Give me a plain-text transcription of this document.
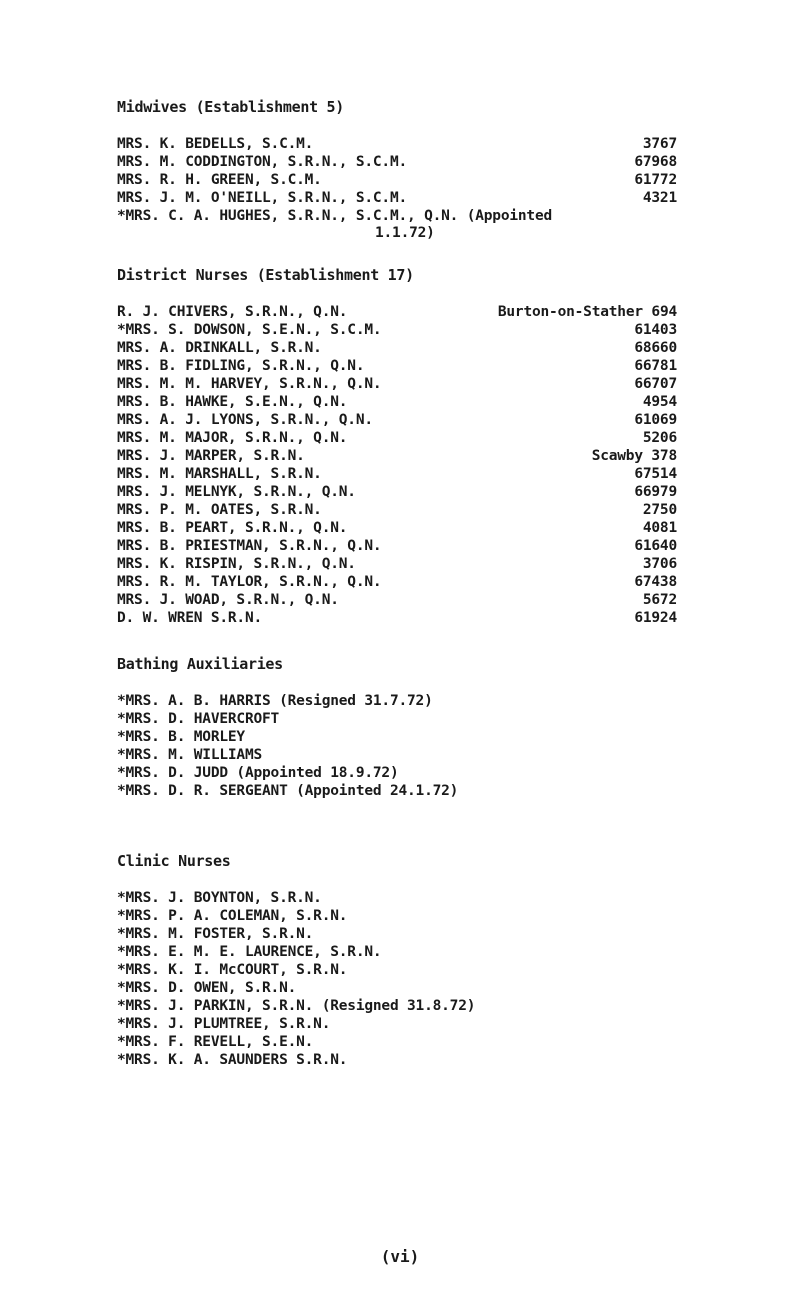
Midwives (Establishment 5)
MRS. K. BEDELLS, S.C.M.	3767
MRS. M. CODDINGTON, S.R.N., S.C.M.	67968
MRS. R. H. GREEN, S.C.M.	61772
MRS. J. M. O'NEILL, S.R.N., S.C.M.	4321
*MRS. C. A. HUGHES, S.R.N., S.C.M., Q.N. (Appointed
1.1.72)
District Nurses (Establishment 17)
R. J. CHIVERS, S.R.N., Q.N.	Burton-on-Stather 694
*MRS. S. DOWSON, S.E.N., S.C.M.	61403
MRS. A. DRINKALL, S.R.N.	68660
MRS. B. FIDLING, S.R.N., Q.N.	66781
MRS. M. M. HARVEY, S.R.N., Q.N.	66707
MRS. B. HAWKE, S.E.N., Q.N.	4954
MRS. A. J. LYONS, S.R.N., Q.N.	61069
MRS. M. MAJOR, S.R.N., Q.N.	5206
MRS. J. MARPER, S.R.N.	Scawby 378
MRS. M. MARSHALL, S.R.N.	67514
MRS. J. MELNYK, S.R.N., Q.N.	66979
MRS. P. M. OATES, S.R.N.	2750
MRS. B. PEART, S.R.N., Q.N.	4081
MRS. B. PRIESTMAN, S.R.N., Q.N.	61640
MRS. K. RISPIN, S.R.N., Q.N.	3706
MRS. R. M. TAYLOR, S.R.N., Q.N.	67438
MRS. J. WOAD, S.R.N., Q.N.	5672
D. W. WREN S.R.N.	61924
Bathing Auxiliaries
*MRS. A. B. HARRIS (Resigned 31.7.72)
*MRS. D. HAVERCROFT
*MRS. B. MORLEY
*MRS. M. WILLIAMS
*MRS. D. JUDD (Appointed 18.9.72)
*MRS. D. R. SERGEANT (Appointed 24.1.72)
Clinic Nurses
*MRS. J. BOYNTON, S.R.N.
*MRS. P. A. COLEMAN, S.R.N.
*MRS. M. FOSTER, S.R.N.
*MRS. E. M. E. LAURENCE, S.R.N.
*MRS. K. I. McCOURT, S.R.N.
*MRS. D. OWEN, S.R.N.
*MRS. J. PARKIN, S.R.N. (Resigned 31.8.72)
*MRS. J. PLUMTREE, S.R.N.
*MRS. F. REVELL, S.E.N.
*MRS. K. A. SAUNDERS S.R.N.
(vi)
